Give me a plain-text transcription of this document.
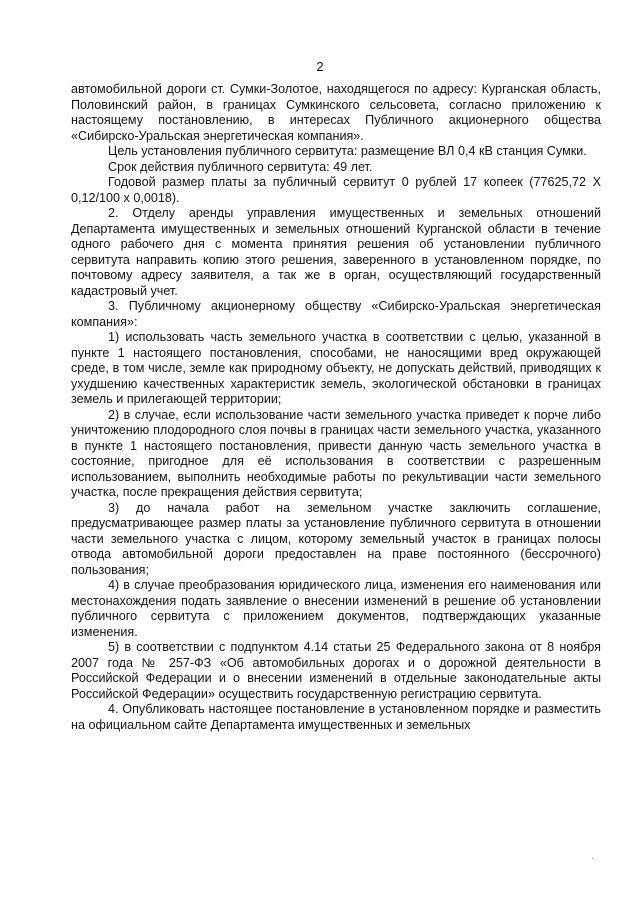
2

автомобильной дороги ст. Сумки-Золотое, находящегося по адресу: Курганская область, Половинский район, в границах Сумкинского сельсовета, согласно приложению к настоящему постановлению, в интересах Публичного акционерного общества «Сибирско-Уральская энергетическая компания».

Цель установления публичного сервитута: размещение ВЛ 0,4 кВ станция Сумки.

Срок действия публичного сервитута: 49 лет.

Годовой размер платы за публичный сервитут 0 рублей 17 копеек (77625,72 Х 0,12/100 х 0,0018).

2. Отделу аренды управления имущественных и земельных отношений Департамента имущественных и земельных отношений Курганской области в течение одного рабочего дня с момента принятия решения об установлении публичного сервитута направить копию этого решения, заверенного в установленном порядке, по почтовому адресу заявителя, а так же в орган, осуществляющий государственный кадастровый учет.

3. Публичному акционерному обществу «Сибирско-Уральская энергетическая компания»:

1) использовать часть земельного участка в соответствии с целью, указанной в пункте 1 настоящего постановления, способами, не наносящими вред окружающей среде, в том числе, земле как природному объекту, не допускать действий, приводящих к ухудшению качественных характеристик земель, экологической обстановки в границах земель и прилегающей территории;

2) в случае, если использование части земельного участка приведет к порче либо уничтожению плодородного слоя почвы в границах части земельного участка, указанного в пункте 1 настоящего постановления, привести данную часть земельного участка в состояние, пригодное для её использования в соответствии с разрешенным использованием, выполнить необходимые работы по рекультивации части земельного участка, после прекращения действия сервитута;

3) до начала работ на земельном участке заключить соглашение, предусматривающее размер платы за установление публичного сервитута в отношении части земельного участка с лицом, которому земельный участок в границах полосы отвода автомобильной дороги предоставлен на праве постоянного (бессрочного) пользования;

4) в случае преобразования юридического лица, изменения его наименования или местонахождения подать заявление о внесении изменений в решение об установлении публичного сервитута с приложением документов, подтверждающих указанные изменения.

5) в соответствии с подпунктом 4.14 статьи 25 Федерального закона от 8 ноября 2007 года № 257-ФЗ «Об автомобильных дорогах и о дорожной деятельности в Российской Федерации и о внесении изменений в отдельные законодательные акты Российской Федерации» осуществить государственную регистрацию сервитута.

4. Опубликовать настоящее постановление в установленном порядке и разместить на официальном сайте Департамента имущественных и земельных
